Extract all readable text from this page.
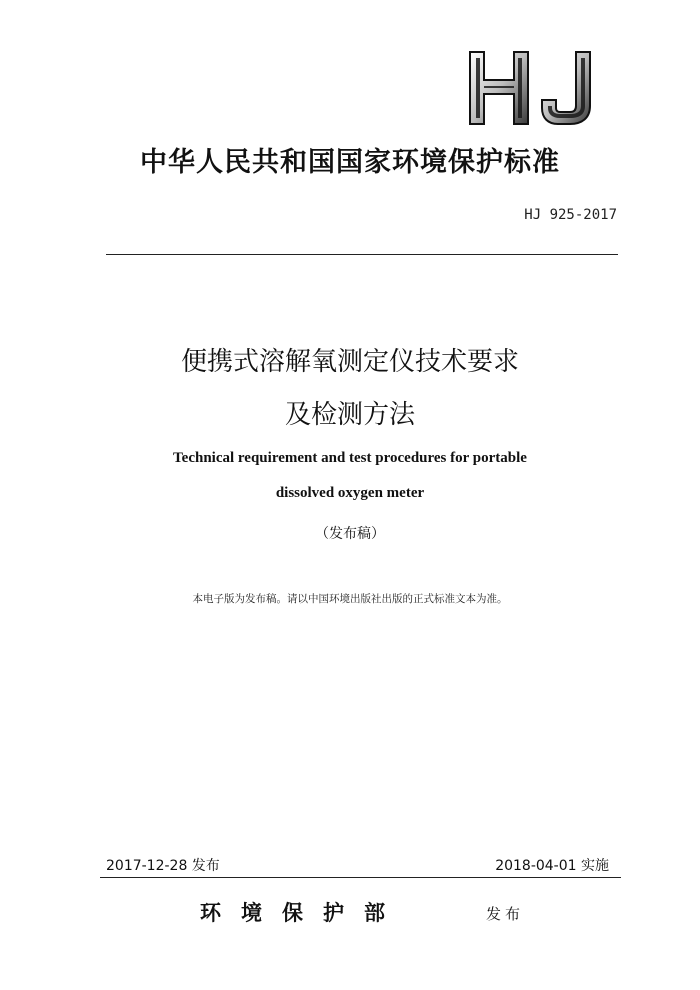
中华人民共和国国家环境保护标准
HJ 925-2017
便携式溶解氧测定仪技术要求
及检测方法
Technical requirement and test procedures for portable
dissolved oxygen meter
（发布稿）
本电子版为发布稿。请以中国环境出版社出版的正式标准文本为准。
2017-12-28 发布	2018-04-01 实施
环境保护部	发布
